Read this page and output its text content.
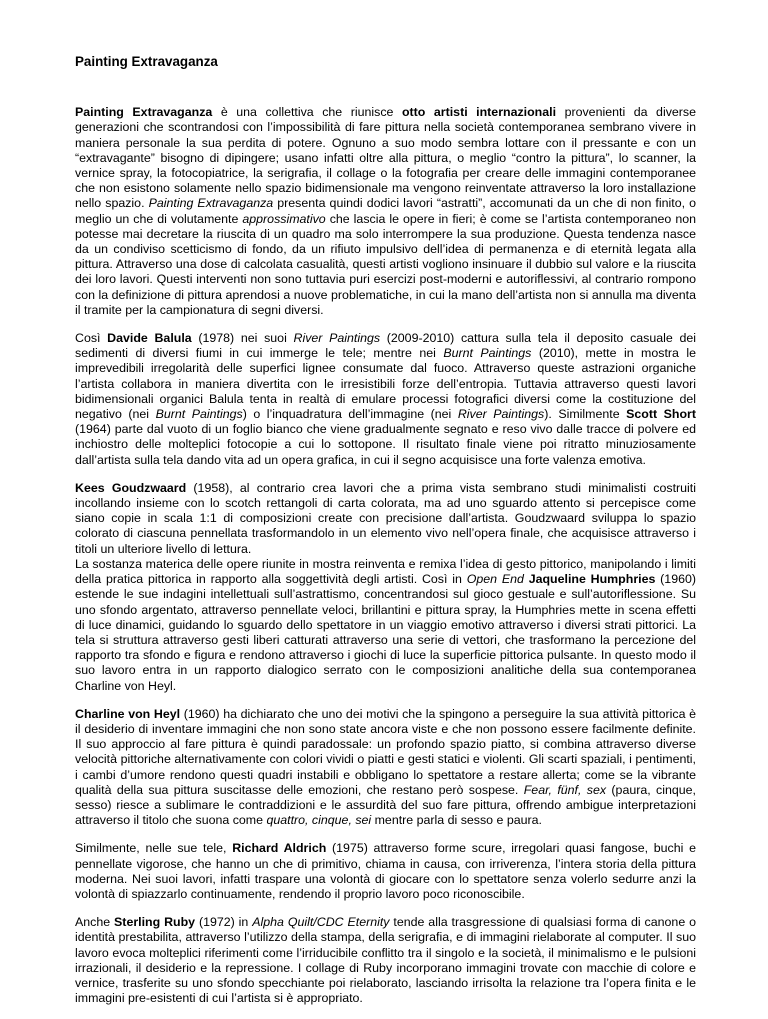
Painting Extravaganza

Painting Extravaganza è una collettiva che riunisce otto artisti internazionali provenienti da diverse generazioni che scontrandosi con l’impossibilità di fare pittura nella società contemporanea sembrano vivere in maniera personale la sua perdita di potere. Ognuno a suo modo sembra lottare con il pressante e con un “extravagante” bisogno di dipingere; usano infatti oltre alla pittura, o meglio “contro la pittura”, lo scanner, la vernice spray, la fotocopiatrice, la serigrafia, il collage o la fotografia per creare delle immagini contemporanee che non esistono solamente nello spazio bidimensionale ma vengono reinventate attraverso la loro installazione nello spazio. Painting Extravaganza presenta quindi dodici lavori “astratti”, accomunati da un che di non finito, o meglio un che di volutamente approssimativo che lascia le opere in fieri; è come se l’artista contemporaneo non potesse mai decretare la riuscita di un quadro ma solo interrompere la sua produzione. Questa tendenza nasce da un condiviso scetticismo di fondo, da un rifiuto impulsivo dell’idea di permanenza e di eternità legata alla pittura. Attraverso una dose di calcolata casualità, questi artisti vogliono insinuare il dubbio sul valore e la riuscita dei loro lavori. Questi interventi non sono tuttavia puri esercizi post-moderni e autoriflessivi, al contrario rompono con la definizione di pittura aprendosi a nuove problematiche, in cui la mano dell’artista non si annulla ma diventa il tramite per la campionatura di segni diversi.

Così Davide Balula (1978) nei suoi River Paintings (2009-2010) cattura sulla tela il deposito casuale dei sedimenti di diversi fiumi in cui immerge le tele; mentre nei Burnt Paintings (2010), mette in mostra le imprevedibili irregolarità delle superfici lignee consumate dal fuoco. Attraverso queste astrazioni organiche l’artista collabora in maniera divertita con le irresistibili forze dell’entropia. Tuttavia attraverso questi lavori bidimensionali organici Balula tenta in realtà di emulare processi fotografici diversi come la costituzione del negativo (nei Burnt Paintings) o l’inquadratura dell’immagine (nei River Paintings). Similmente Scott Short (1964) parte dal vuoto di un foglio bianco che viene gradualmente segnato e reso vivo dalle tracce di polvere ed inchiostro delle molteplici fotocopie a cui lo sottopone. Il risultato finale viene poi ritratto minuziosamente dall’artista sulla tela dando vita ad un opera grafica, in cui il segno acquisisce una forte valenza emotiva.

Kees Goudzwaard (1958), al contrario crea lavori che a prima vista sembrano studi minimalisti costruiti incollando insieme con lo scotch rettangoli di carta colorata, ma ad uno sguardo attento si percepisce come siano copie in scala 1:1 di composizioni create con precisione dall’artista. Goudzwaard sviluppa lo spazio colorato di ciascuna pennellata trasformandolo in un elemento vivo nell’opera finale, che acquisisce attraverso i titoli un ulteriore livello di lettura.

La sostanza materica delle opere riunite in mostra reinventa e remixa l’idea di gesto pittorico, manipolando i limiti della pratica pittorica in rapporto alla soggettività degli artisti. Così in Open End Jaqueline Humphries (1960) estende le sue indagini intellettuali sull’astrattismo, concentrandosi sul gioco gestuale e sull’autoriflessione. Su uno sfondo argentato, attraverso pennellate veloci, brillantini e pittura spray, la Humphries mette in scena effetti di luce dinamici, guidando lo sguardo dello spettatore in un viaggio emotivo attraverso i diversi strati pittorici. La tela si struttura attraverso gesti liberi catturati attraverso una serie di vettori, che trasformano la percezione del rapporto tra sfondo e figura e rendono attraverso i giochi di luce la superficie pittorica pulsante. In questo modo il suo lavoro entra in un rapporto dialogico serrato con le composizioni analitiche della sua contemporanea Charline von Heyl.

Charline von Heyl (1960) ha dichiarato che uno dei motivi che la spingono a perseguire la sua attività pittorica è il desiderio di inventare immagini che non sono state ancora viste e che non possono essere facilmente definite. Il suo approccio al fare pittura è quindi paradossale: un profondo spazio piatto, si combina attraverso diverse velocità pittoriche alternativamente con colori vividi o piatti e gesti statici e violenti. Gli scarti spaziali, i pentimenti, i cambi d’umore rendono questi quadri instabili e obbligano lo spettatore a restare allerta; come se la vibrante qualità della sua pittura suscitasse delle emozioni, che restano però sospese. Fear, fünf, sex (paura, cinque, sesso) riesce a sublimare le contraddizioni e le assurdità del suo fare pittura, offrendo ambigue interpretazioni attraverso il titolo che suona come quattro, cinque, sei mentre parla di sesso e paura.

Similmente, nelle sue tele, Richard Aldrich (1975) attraverso forme scure, irregolari quasi fangose, buchi e pennellate vigorose, che hanno un che di primitivo, chiama in causa, con irriverenza, l’intera storia della pittura moderna. Nei suoi lavori, infatti traspare una volontà di giocare con lo spettatore senza volerlo sedurre anzi la volontà di spiazzarlo continuamente, rendendo il proprio lavoro poco riconoscibile.

Anche Sterling Ruby (1972) in Alpha Quilt/CDC Eternity tende alla trasgressione di qualsiasi forma di canone o identità prestabilita, attraverso l’utilizzo della stampa, della serigrafia, e di immagini rielaborate al computer. Il suo lavoro evoca molteplici riferimenti come l’irriducibile conflitto tra il singolo e la società, il minimalismo e le pulsioni irrazionali, il desiderio e la repressione. I collage di Ruby incorporano immagini trovate con macchie di colore e vernice, trasferite su uno sfondo specchiante poi rielaborato, lasciando irrisolta la relazione tra l’opera finita e le immagini pre-esistenti di cui l’artista si è appropriato.
